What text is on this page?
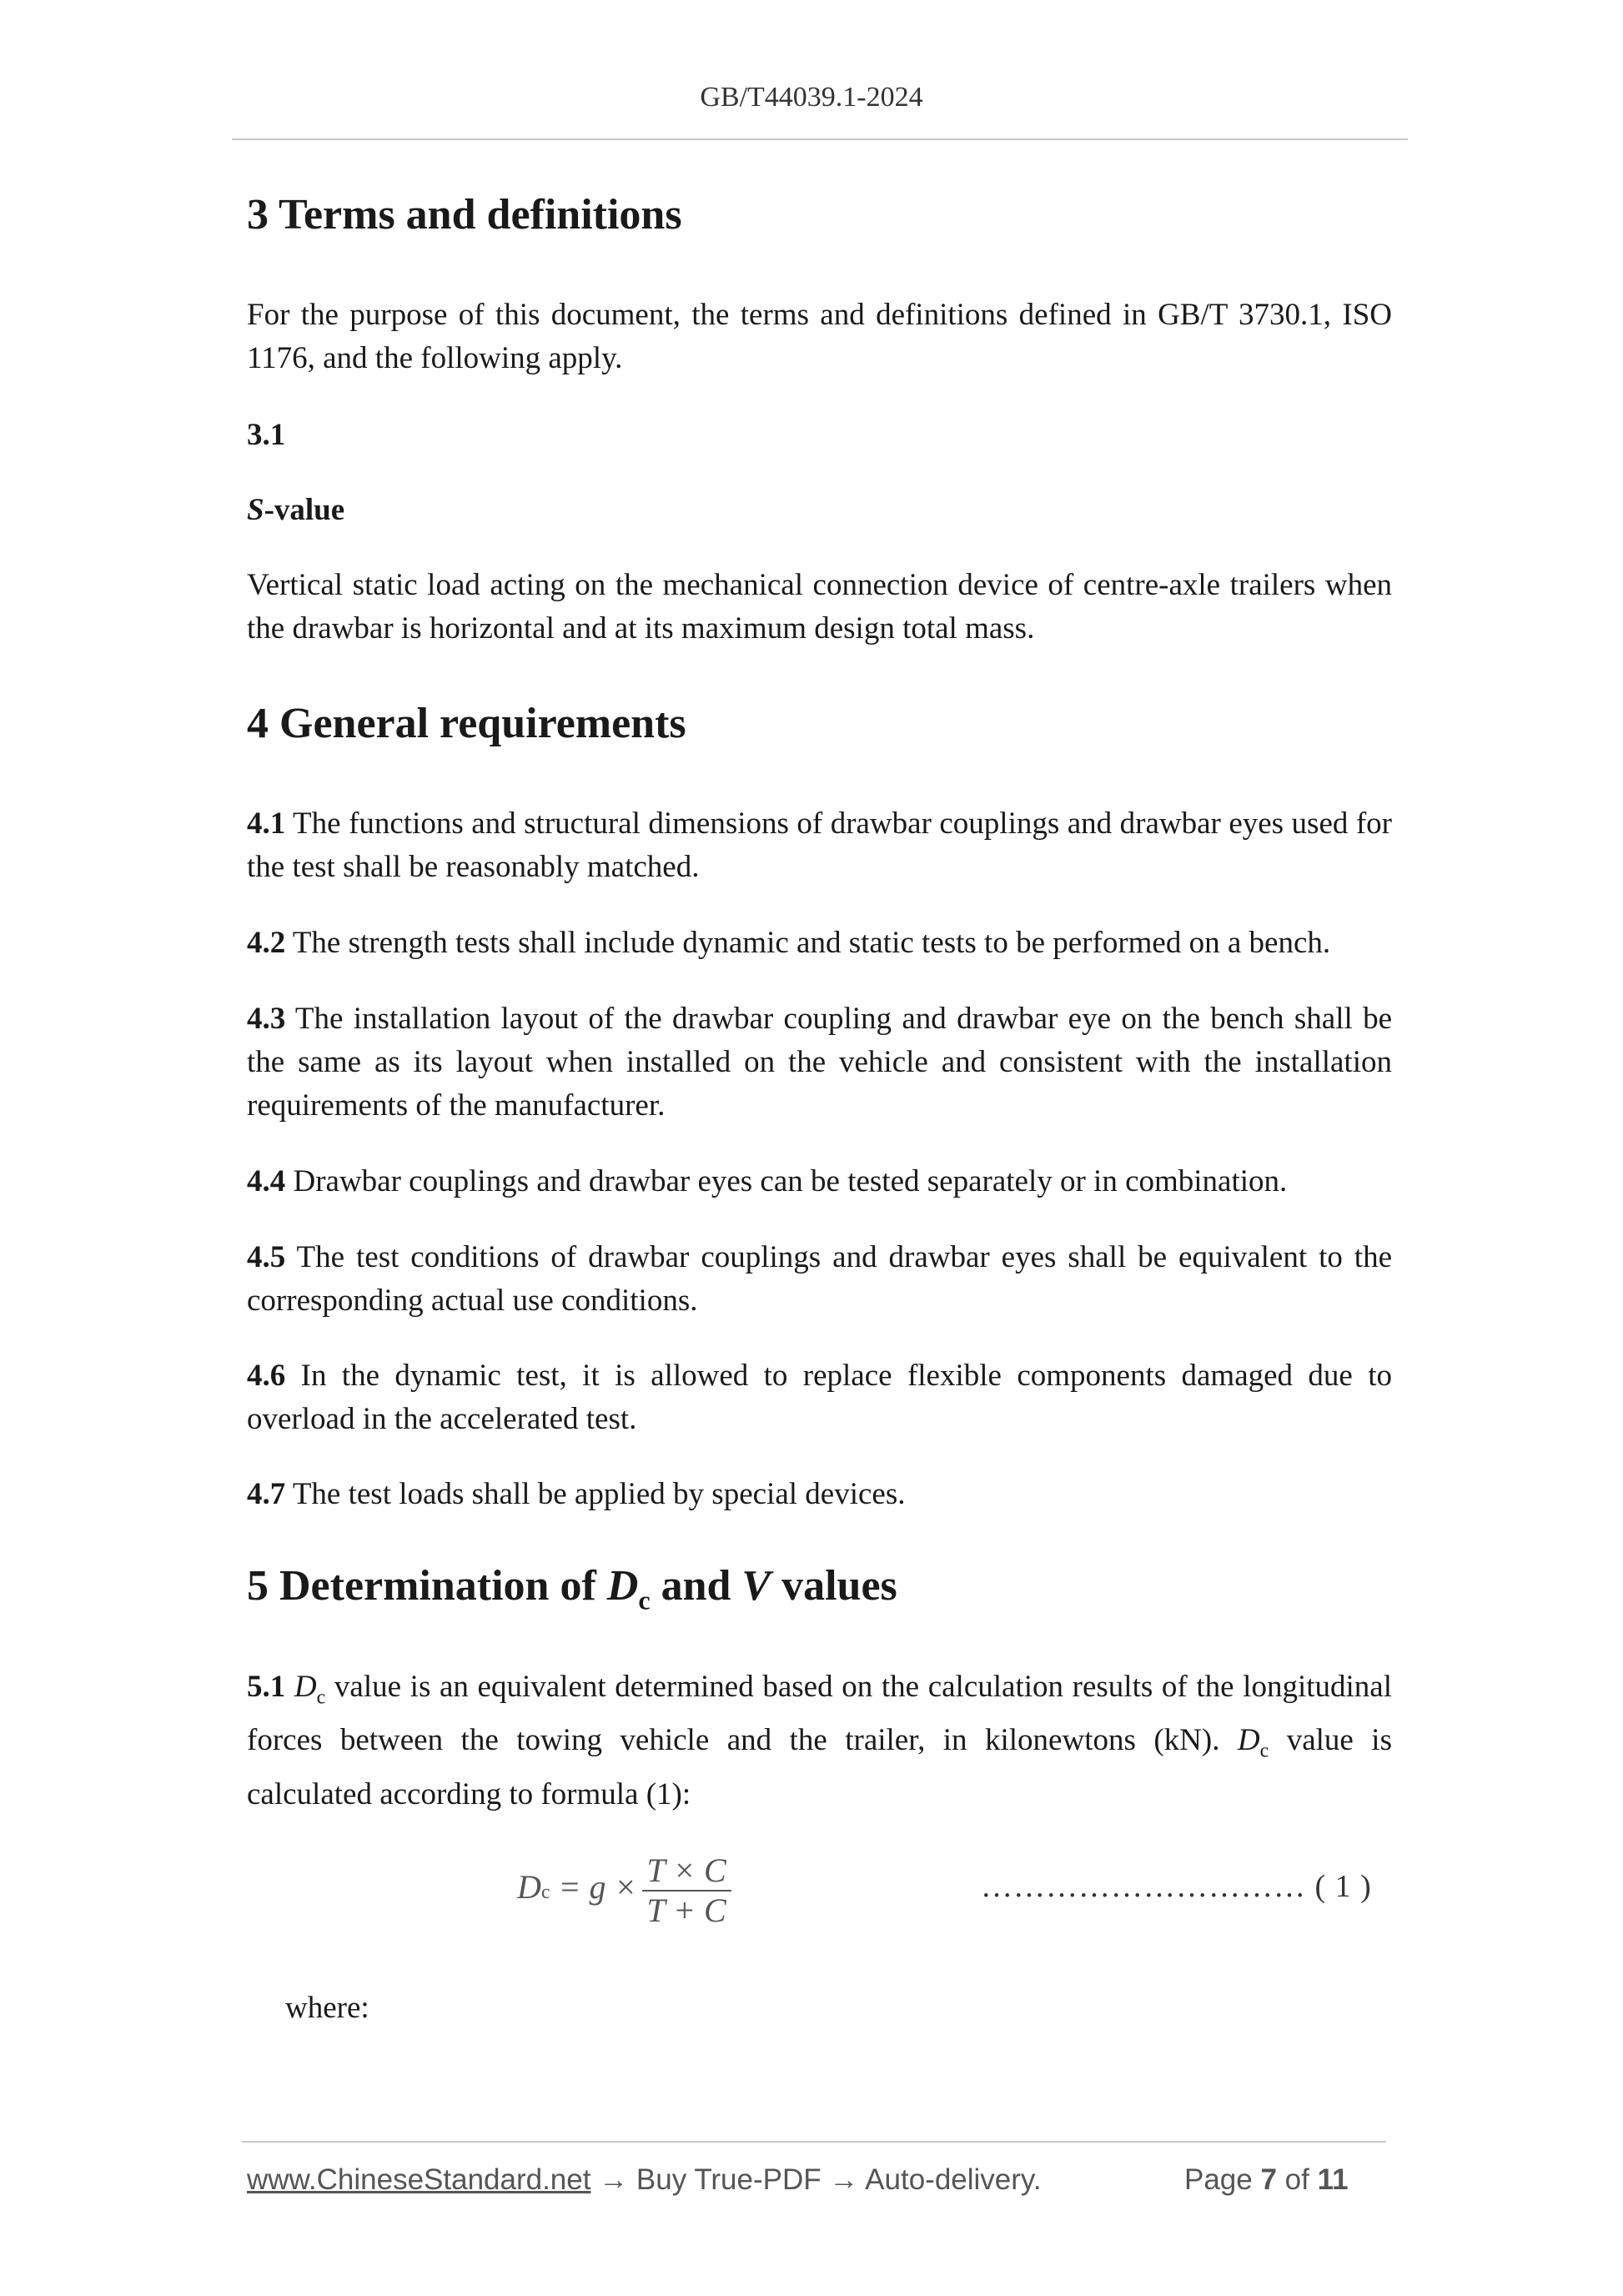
GB/T44039.1-2024
3 Terms and definitions
For the purpose of this document, the terms and definitions defined in GB/T 3730.1, ISO 1176, and the following apply.
3.1
S-value
Vertical static load acting on the mechanical connection device of centre-axle trailers when the drawbar is horizontal and at its maximum design total mass.
4 General requirements
4.1 The functions and structural dimensions of drawbar couplings and drawbar eyes used for the test shall be reasonably matched.
4.2 The strength tests shall include dynamic and static tests to be performed on a bench.
4.3 The installation layout of the drawbar coupling and drawbar eye on the bench shall be the same as its layout when installed on the vehicle and consistent with the installation requirements of the manufacturer.
4.4 Drawbar couplings and drawbar eyes can be tested separately or in combination.
4.5 The test conditions of drawbar couplings and drawbar eyes shall be equivalent to the corresponding actual use conditions.
4.6 In the dynamic test, it is allowed to replace flexible components damaged due to overload in the accelerated test.
4.7 The test loads shall be applied by special devices.
5 Determination of $D_c$ and V values
5.1 $D_c$ value is an equivalent determined based on the calculation results of the longitudinal forces between the towing vehicle and the trailer, in kilonewtons (kN). $D_c$ value is calculated according to formula (1):
$Dc = g \times \frac{T \times C}{T + C}$	………………………… ( 1 )
where:
www.ChineseStandard.net → Buy True-PDF → Auto-delivery.	Page 7 of 11
